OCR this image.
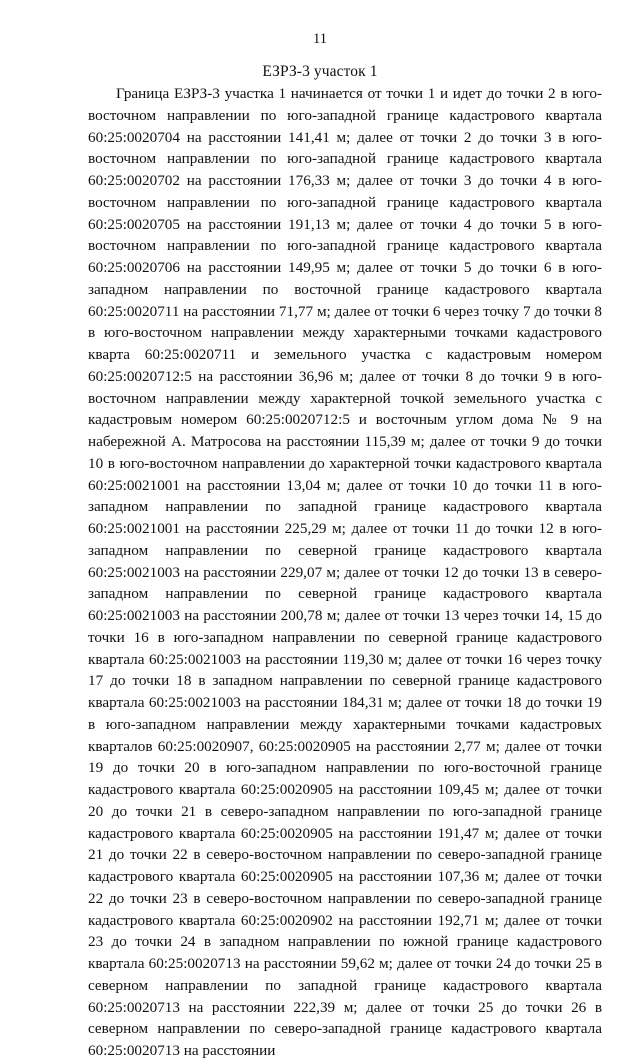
11
ЕЗРЗ-3 участок 1

Граница ЕЗРЗ-3 участка 1 начинается от точки 1 и идет до точки 2 в юго-восточном направлении по юго-западной границе кадастрового квартала 60:25:0020704 на расстоянии 141,41 м; далее от точки 2 до точки 3 в юго-восточном направлении по юго-западной границе кадастрового квартала 60:25:0020702 на расстоянии 176,33 м; далее от точки 3 до точки 4 в юго-восточном направлении по юго-западной границе кадастрового квартала 60:25:0020705 на расстоянии 191,13 м; далее от точки 4 до точки 5 в юго-восточном направлении по юго-западной границе кадастрового квартала 60:25:0020706 на расстоянии 149,95 м; далее от точки 5 до точки 6 в юго-западном направлении по восточной границе кадастрового квартала 60:25:0020711 на расстоянии 71,77 м; далее от точки 6 через точку 7 до точки 8 в юго-восточном направлении между характерными точками кадастрового кварта 60:25:0020711 и земельного участка с кадастровым номером 60:25:0020712:5 на расстоянии 36,96 м; далее от точки 8 до точки 9 в юго-восточном направлении между характерной точкой земельного участка с кадастровым номером 60:25:0020712:5 и восточным углом дома № 9 на набережной А. Матросова на расстоянии 115,39 м; далее от точки 9 до точки 10 в юго-восточном направлении до характерной точки кадастрового квартала 60:25:0021001 на расстоянии 13,04 м; далее от точки 10 до точки 11 в юго-западном направлении по западной границе кадастрового квартала 60:25:0021001 на расстоянии 225,29 м; далее от точки 11 до точки 12 в юго-западном направлении по северной границе кадастрового квартала 60:25:0021003 на расстоянии 229,07 м; далее от точки 12 до точки 13 в северо-западном направлении по северной границе кадастрового квартала 60:25:0021003 на расстоянии 200,78 м; далее от точки 13 через точки 14, 15 до точки 16 в юго-западном направлении по северной границе кадастрового квартала 60:25:0021003 на расстоянии 119,30 м; далее от точки 16 через точку 17 до точки 18 в западном направлении по северной границе кадастрового квартала 60:25:0021003 на расстоянии 184,31 м; далее от точки 18 до точки 19 в юго-западном направлении между характерными точками кадастровых кварталов 60:25:0020907, 60:25:0020905 на расстоянии 2,77 м; далее от точки 19 до точки 20 в юго-западном направлении по юго-восточной границе кадастрового квартала 60:25:0020905 на расстоянии 109,45 м; далее от точки 20 до точки 21 в северо-западном направлении по юго-западной границе кадастрового квартала 60:25:0020905 на расстоянии 191,47 м; далее от точки 21 до точки 22 в северо-восточном направлении по северо-западной границе кадастрового квартала 60:25:0020905 на расстоянии 107,36 м; далее от точки 22 до точки 23 в северо-восточном направлении по северо-западной границе кадастрового квартала 60:25:0020902 на расстоянии 192,71 м; далее от точки 23 до точки 24 в западном направлении по южной границе кадастрового квартала 60:25:0020713 на расстоянии 59,62 м; далее от точки 24 до точки 25 в северном направлении по западной границе кадастрового квартала 60:25:0020713 на расстоянии 222,39 м; далее от точки 25 до точки 26 в северном направлении по северо-западной границе кадастрового квартала 60:25:0020713 на расстоянии
